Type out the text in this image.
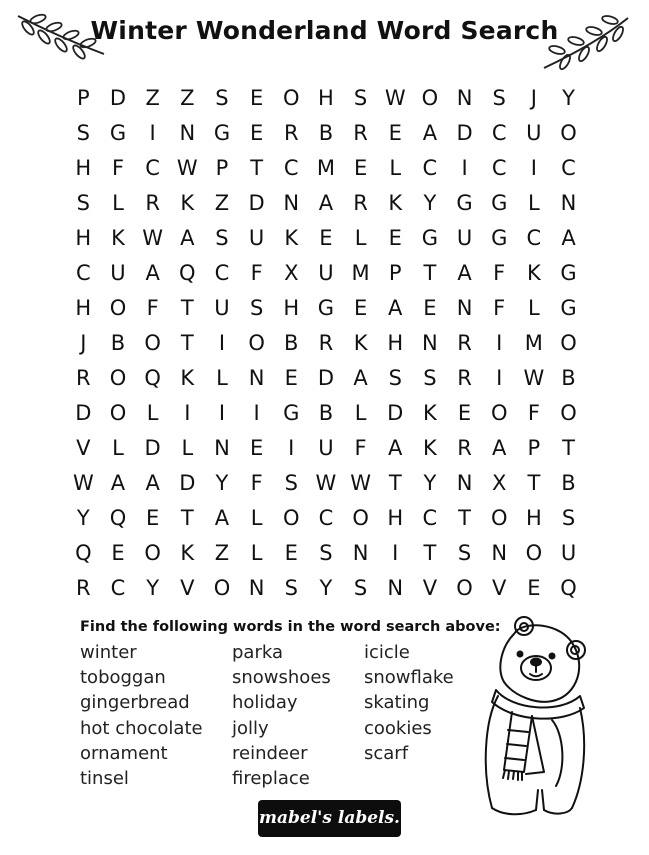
Winter Wonderland Word Search
P D Z Z S	E O H S W O N S	J	Y
S G	I	N G E R B R E A D C U O
H F	C W P	T C M E	L	C	I	C	I	C
S	L	R K Z D N A R K	Y G G L N
H K W A S U K	E	L	E G U G C A
C U A Q C	F	X U M P	T	A	F	K G
H O F	T U S H G E A E N F	L G
J	B O T	I	O B R K H N R	I	M O
R O Q K	L N E D A S	S R	I	W B
D O L	I	I	I	G B	L D K	E O F O
V	L D L N E	I	U F	A K R A	P	T
W A A D Y	F	S W W T	Y N X	T	B
Y Q E	T	A	L O C O H C T O H S
Q E O K Z	L	E	S N	I	T	S N O U
R C Y	V O N S	Y	S N V O V E Q
Find the following words in the word search above:
winter
toboggan
gingerbread
hot chocolate
ornament
tinsel
parka
snowshoes
holiday
jolly
reindeer
fireplace
icicle
snowflake
skating
cookies
scarf
mabel's labels.
